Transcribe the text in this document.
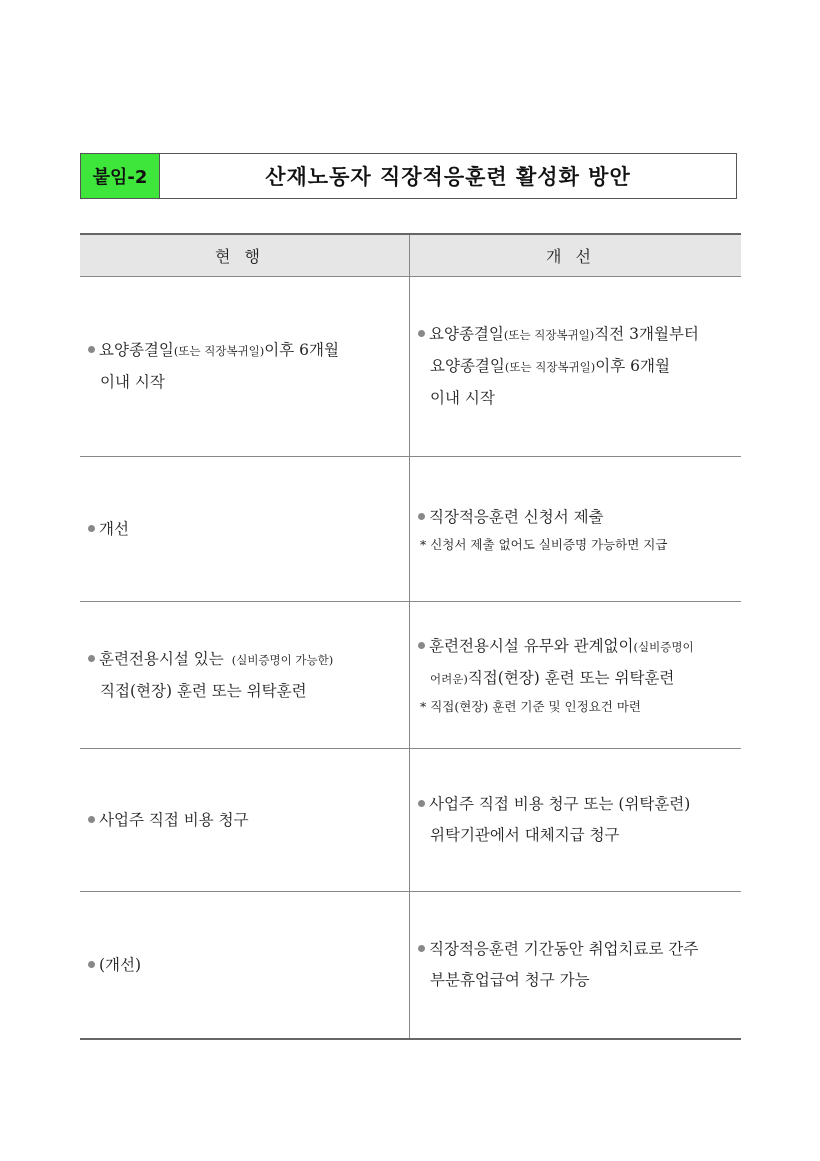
붙임-2	산재노동자 직장적응훈련 활성화 방안
현행	개선
요양종결일 (또는 직장복귀일) 이후 6개월
이내 시작
요양종결일 (또는 직장복귀일) 직전 3개월부터
요양종결일 (또는 직장복귀일) 이후 6개월
이내 시작
개선
직장적응훈련 신청서 제출
* 신청서 제출 없어도 실비증명 가능하면 지급
훈련전용시설 있는 (실비증명이 가능한)
직접(현장) 훈련 또는 위탁훈련
훈련전용시설 유무와 관계없이 (실비증명이
어려운) 직접(현장) 훈련 또는 위탁훈련
* 직접(현장) 훈련 기준 및 인정요건 마련
사업주 직접 비용 청구
사업주 직접 비용 청구 또는 (위탁훈련)
위탁기관에서 대체지급 청구
(개선)
직장적응훈련 기간동안 취업치료로 간주
부분휴업급여 청구 가능
